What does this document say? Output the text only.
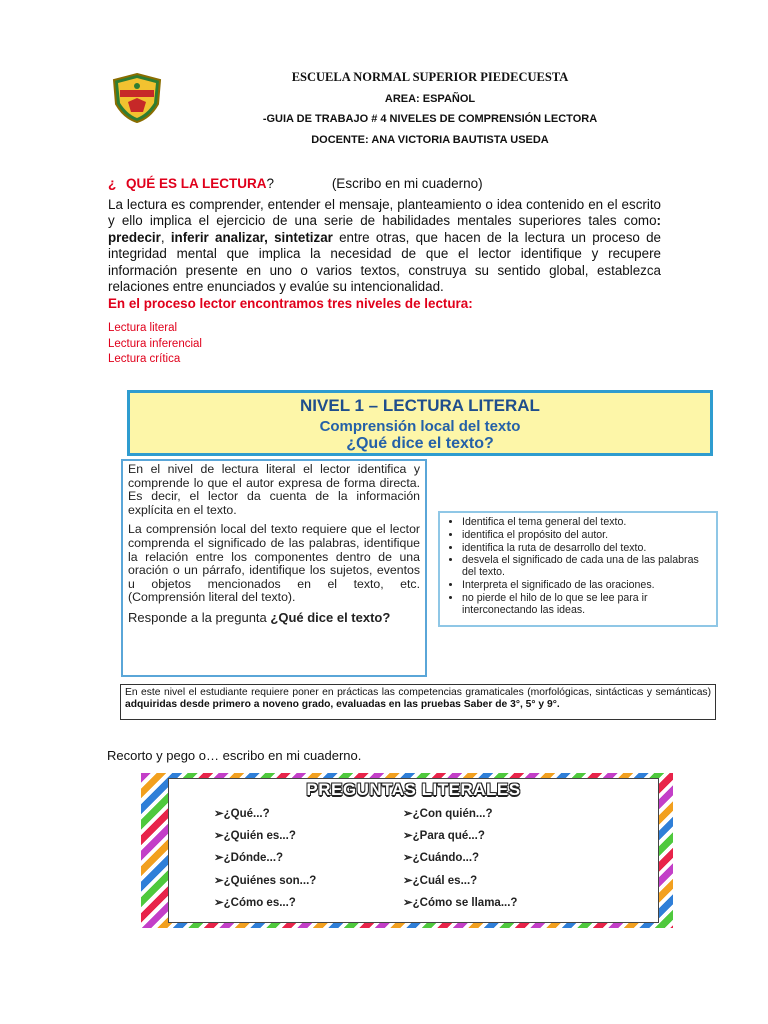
ESCUELA NORMAL SUPERIOR PIEDECUESTA
AREA: ESPAÑOL
-GUIA DE TRABAJO # 4 NIVELES DE COMPRENSIÓN LECTORA
DOCENTE: ANA VICTORIA BAUTISTA USEDA
¿ QUÉ ES LA LECTURA?	(Escribo en mi cuaderno)
La lectura es comprender, entender el mensaje, planteamiento o idea contenido en el escrito y ello implica el ejercicio de una serie de habilidades mentales superiores tales como: predecir, inferir analizar, sintetizar entre otras, que hacen de la lectura un proceso de integridad mental que implica la necesidad de que el lector identifique y recupere información presente en uno o varios textos, construya su sentido global, establezca relaciones entre enunciados y evalúe su intencionalidad.
En el proceso lector encontramos tres niveles de lectura:
Lectura literal
Lectura inferencial
Lectura crítica
NIVEL 1 – LECTURA LITERAL
Comprensión local del texto
¿Qué dice el texto?

En el nivel de lectura literal el lector identifica y comprende lo que el autor expresa de forma directa. Es decir, el lector da cuenta de la información explícita en el texto.

La comprensión local del texto requiere que el lector comprenda el significado de las palabras, identifique la relación entre los componentes dentro de una oración o un párrafo, identifique los sujetos, eventos u objetos mencionados en el texto, etc. (Comprensión literal del texto).

Responde a la pregunta ¿Qué dice el texto?

• Identifica el tema general del texto.
• identifica el propósito del autor.
• identifica la ruta de desarrollo del texto.
• desvela el significado de cada una de las palabras del texto.
• Interpreta el significado de las oraciones.
• no pierde el hilo de lo que se lee para ir interconectando las ideas.
En este nivel el estudiante requiere poner en prácticas las competencias gramaticales (morfológicas, sintácticas y semánticas) adquiridas desde primero a noveno grado, evaluadas en las pruebas Saber de 3°, 5° y 9°.
Recorto y pego o… escribo en mi cuaderno.
PREGUNTAS LITERALES
➢¿Qué...?
➢¿Quién es...?
➢¿Dónde...?
➢¿Quiénes son...?
➢¿Cómo es...?
➢¿Con quién...?
➢¿Para qué...?
➢¿Cuándo...?
➢¿Cuál es...?
➢¿Cómo se llama...?
